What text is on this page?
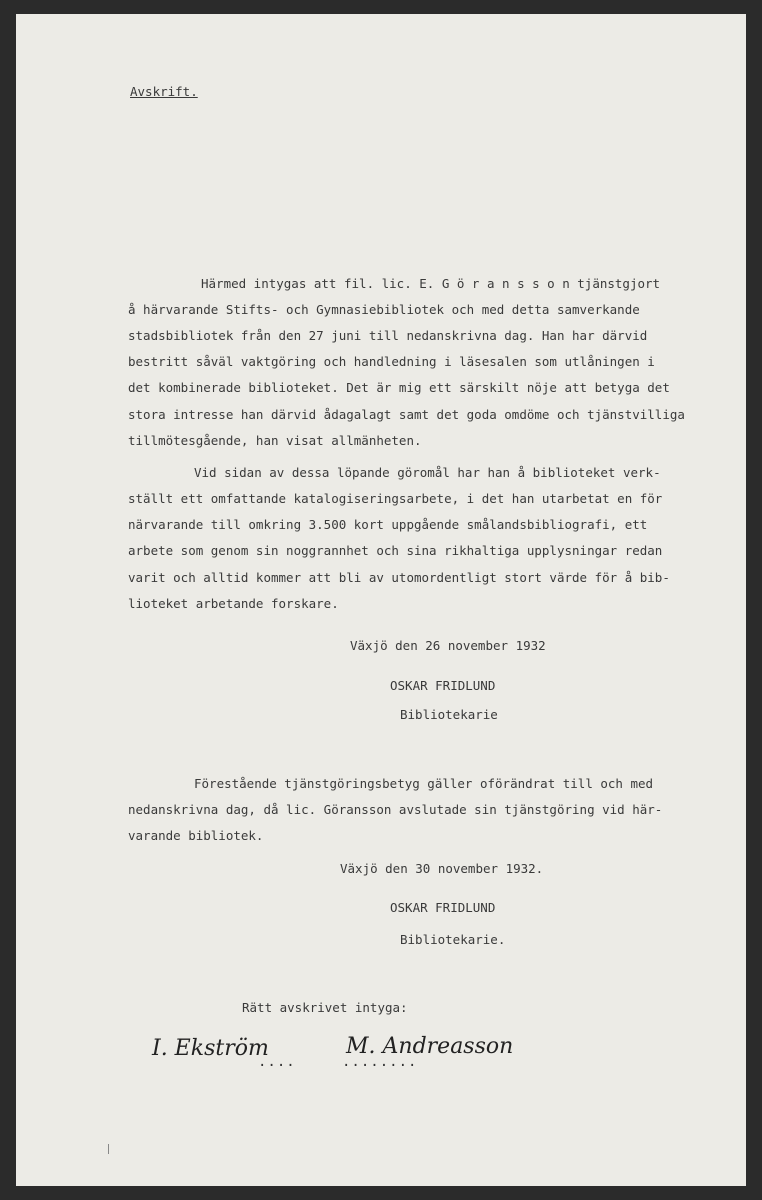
Avskrift.
Härmed intygas att fil. lic. E. G ö r a n s s o n tjänstgjort
å härvarande Stifts- och Gymnasiebibliotek och med detta samverkande
stadsbibliotek från den 27 juni till nedanskrivna dag. Han har därvid
bestritt såväl vaktgöring och handledning i läsesalen som utlåningen i
det kombinerade biblioteket. Det är mig ett särskilt nöje att betyga det
stora intresse han därvid ådagalagt samt det goda omdöme och tjänstvilliga
tillmötesgående, han visat allmänheten.
Vid sidan av dessa löpande göromål har han å biblioteket verk-
ställt ett omfattande katalogiseringsarbete, i det han utarbetat en för
närvarande till omkring 3.500 kort uppgående smålandsbibliografi, ett
arbete som genom sin noggrannhet och sina rikhaltiga upplysningar redan
varit och alltid kommer att bli av utomordentligt stort värde för å bib-
lioteket arbetande forskare.
Växjö den 26 november 1932
OSKAR FRIDLUND
Bibliotekarie
Förestående tjänstgöringsbetyg gäller oförändrat till och med
nedanskrivna dag, då lic. Göransson avslutade sin tjänstgöring vid här-
varande bibliotek.
Växjö den 30 november 1932.
OSKAR FRIDLUND
Bibliotekarie.
Rätt avskrivet intyga:
I. Ekström
....
M. Andreasson
........
